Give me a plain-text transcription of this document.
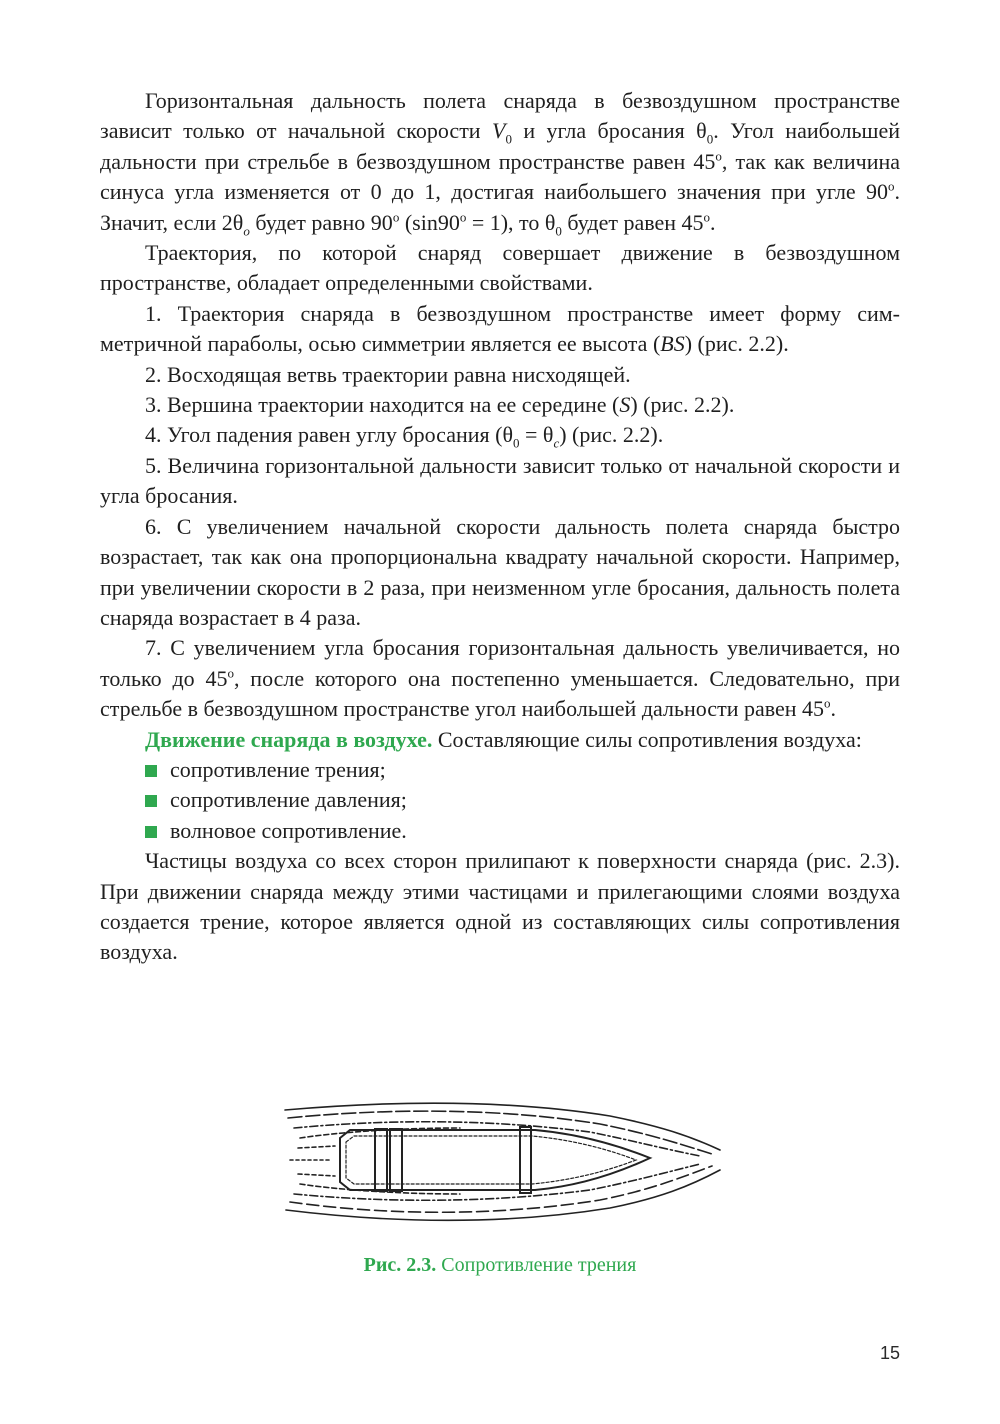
Горизонтальная дальность полета снаряда в безвоздушном пространстве зависит только от начальной скорости $V_0$ и угла бросания $\theta_0$. Угол наибольшей дальности при стрельбе в безвоздушном пространстве равен $45^о$, так как величина синуса угла изменяется от 0 до 1, достигая наибольшего значения при угле $90^о$. Значит, если $2\theta_o$ будет равно $90^о$ $(\sin 90^о = 1)$, то $\theta_0$ будет равен $45^о$.

Траектория, по которой снаряд совершает движение в безвоздушном пространстве, обладает определенными свойствами.

1. Траектория снаряда в безвоздушном пространстве имеет форму симметричной параболы, осью симметрии является ее высота (BS) (рис. 2.2).

2. Восходящая ветвь траектории равна нисходящей.

3. Вершина траектории находится на ее середине (S) (рис. 2.2).

4. Угол падения равен углу бросания $(\theta_0 = \theta_c)$ (рис. 2.2).

5. Величина горизонтальной дальности зависит только от начальной скорости и угла бросания.

6. С увеличением начальной скорости дальность полета снаряда быстро возрастает, так как она пропорциональна квадрату начальной скорости. Например, при увеличении скорости в 2 раза, при неизменном угле бросания, дальность полета снаряда возрастает в 4 раза.

7. С увеличением угла бросания горизонтальная дальность увеличивается, но только до $45^о$, после которого она постепенно уменьшается. Следовательно, при стрельбе в безвоздушном пространстве угол наибольшей дальности равен $45^о$.

Движение снаряда в воздухе. Составляющие силы сопротивления воздуха:

сопротивление трения;
сопротивление давления;
волновое сопротивление.

Частицы воздуха со всех сторон прилипают к поверхности снаряда (рис. 2.3). При движении снаряда между этими частицами и прилегающими слоями воздуха создается трение, которое является одной из составляющих силы сопротивления воздуха.

Рис. 2.3. Сопротивление трения
15
